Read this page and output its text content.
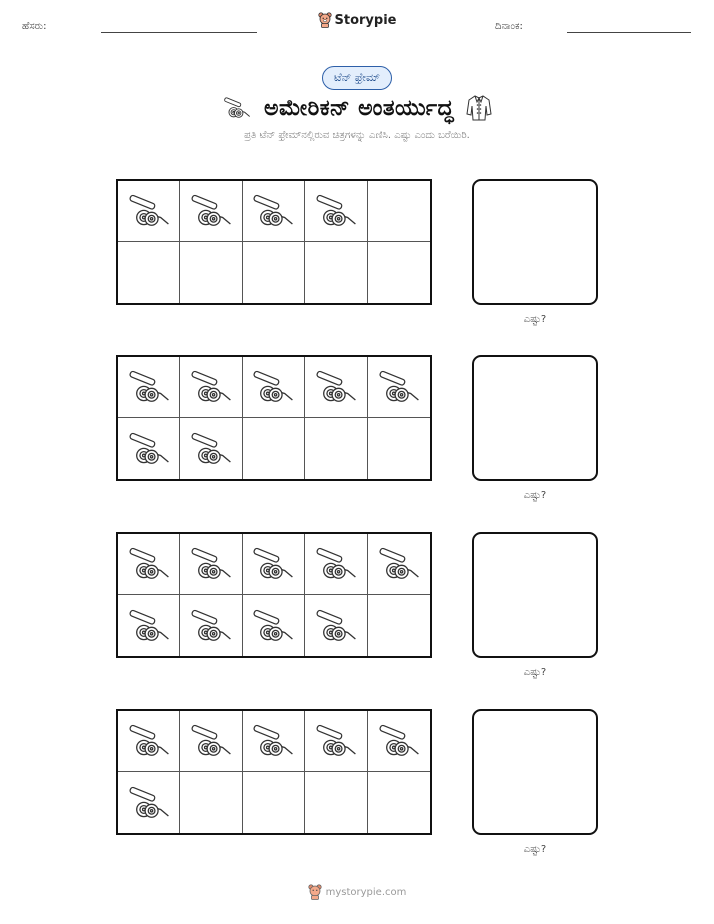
ಹೆಸರು:	Storypie	ದಿನಾಂಕ:
ಟೆನ್ ಫ್ರೇಮ್
ಅಮೇರಿಕನ್ ಅಂತರ್ಯುದ್ಧ
ಪ್ರತಿ ಟೆನ್ ಫ್ರೇಮ್‌ನಲ್ಲಿರುವ ಚಿತ್ರಗಳನ್ನು ಎಣಿಸಿ. ಎಷ್ಟು ಎಂದು ಬರೆಯಿರಿ.
ಎಷ್ಟು?
ಎಷ್ಟು?
ಎಷ್ಟು?
ಎಷ್ಟು?
mystorypie.com
